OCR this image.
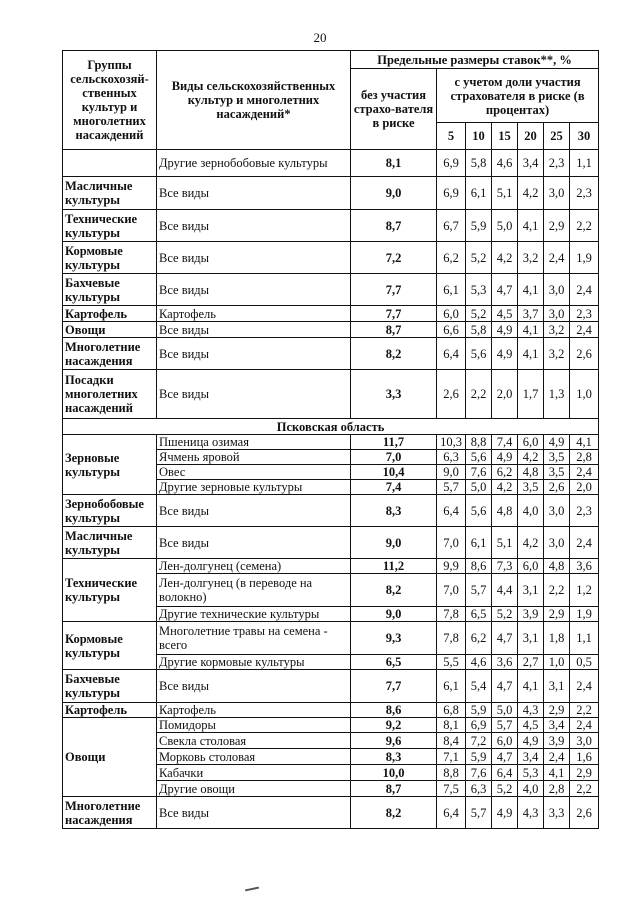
20
Группы сельскохозяй-ственных культур и многолетних насаждений	Виды сельскохозяйственных культур и многолетних насаждений*	Предельные размеры ставок**, %						
		без участия страхо-вателя в риске	с учетом доли участия страхователя в риске (в процентах)					
			5	10	15	20	25	30
	Другие зернобобовые культуры	8,1	6,9	5,8	4,6	3,4	2,3	1,1
Масличные культуры	Все виды	9,0	6,9	6,1	5,1	4,2	3,0	2,3
Технические культуры	Все виды	8,7	6,7	5,9	5,0	4,1	2,9	2,2
Кормовые культуры	Все виды	7,2	6,2	5,2	4,2	3,2	2,4	1,9
Бахчевые культуры	Все виды	7,7	6,1	5,3	4,7	4,1	3,0	2,4
Картофель	Картофель	7,7	6,0	5,2	4,5	3,7	3,0	2,3
Овощи	Все виды	8,7	6,6	5,8	4,9	4,1	3,2	2,4
Многолетние насаждения	Все виды	8,2	6,4	5,6	4,9	4,1	3,2	2,6
Посадки многолетних насаждений	Все виды	3,3	2,6	2,2	2,0	1,7	1,3	1,0
Псковская область								
Зерновые культуры	Пшеница озимая	11,7	10,3	8,8	7,4	6,0	4,9	4,1
	Ячмень яровой	7,0	6,3	5,6	4,9	4,2	3,5	2,8
	Овес	10,4	9,0	7,6	6,2	4,8	3,5	2,4
	Другие зерновые культуры	7,4	5,7	5,0	4,2	3,5	2,6	2,0
Зернобобовые культуры	Все виды	8,3	6,4	5,6	4,8	4,0	3,0	2,3
Масличные культуры	Все виды	9,0	7,0	6,1	5,1	4,2	3,0	2,4
Технические культуры	Лен-долгунец (семена)	11,2	9,9	8,6	7,3	6,0	4,8	3,6
	Лен-долгунец (в переводе на волокно)	8,2	7,0	5,7	4,4	3,1	2,2	1,2
	Другие технические культуры	9,0	7,8	6,5	5,2	3,9	2,9	1,9
Кормовые культуры	Многолетние травы на семена - всего	9,3	7,8	6,2	4,7	3,1	1,8	1,1
	Другие кормовые культуры	6,5	5,5	4,6	3,6	2,7	1,0	0,5
Бахчевые культуры	Все виды	7,7	6,1	5,4	4,7	4,1	3,1	2,4
Картофель	Картофель	8,6	6,8	5,9	5,0	4,3	2,9	2,2
Овощи	Помидоры	9,2	8,1	6,9	5,7	4,5	3,4	2,4
	Свекла столовая	9,6	8,4	7,2	6,0	4,9	3,9	3,0
	Морковь столовая	8,3	7,1	5,9	4,7	3,4	2,4	1,6
	Кабачки	10,0	8,8	7,6	6,4	5,3	4,1	2,9
	Другие овощи	8,7	7,5	6,3	5,2	4,0	2,8	2,2
Многолетние насаждения	Все виды	8,2	6,4	5,7	4,9	4,3	3,3	2,6
